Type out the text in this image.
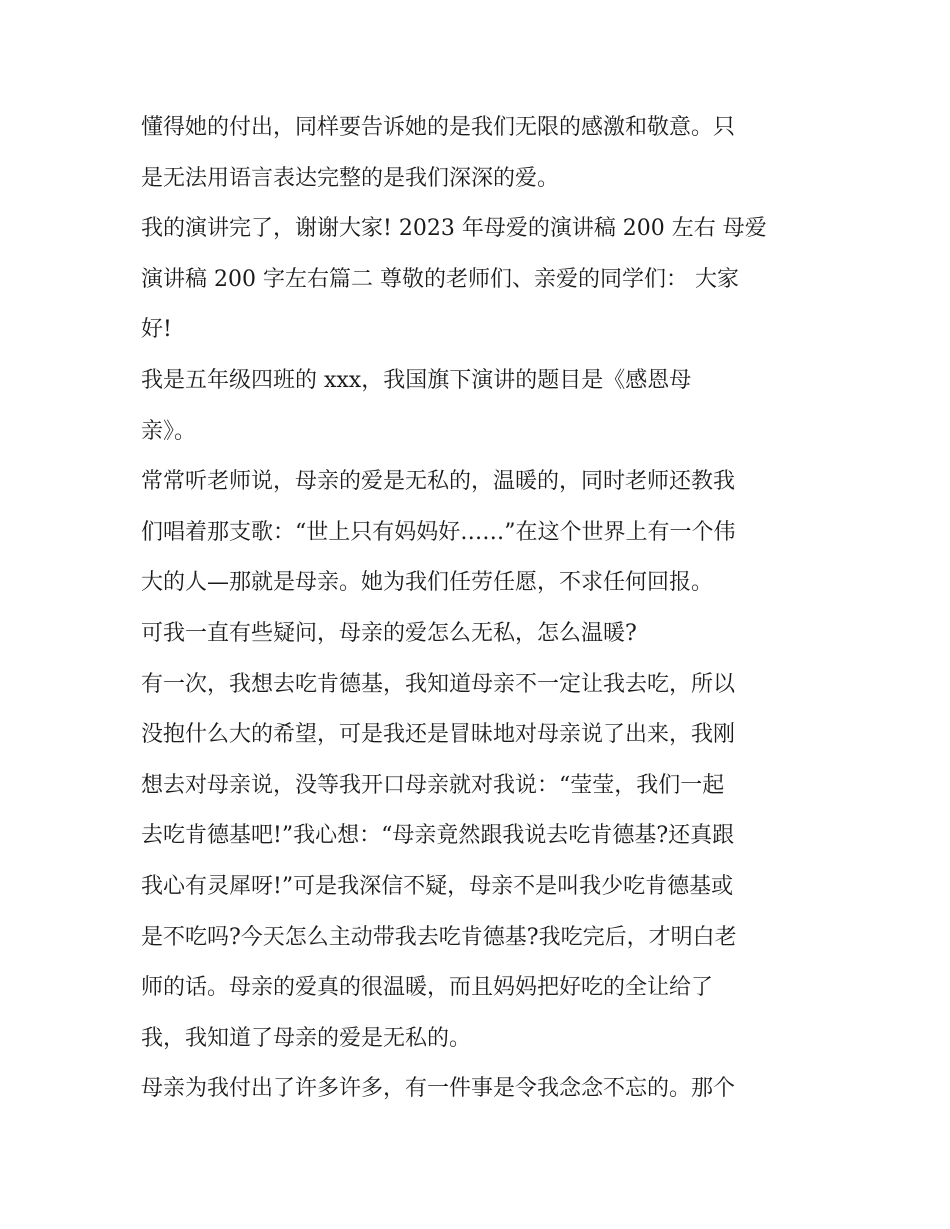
懂得她的付出，同样要告诉她的是我们无限的感激和敬意。只
是无法用语言表达完整的是我们深深的爱。
我的演讲完了，谢谢大家! 2023 年母爱的演讲稿 200 左右 母爱
演讲稿 200 字左右篇二 尊敬的老师们、亲爱的同学们： 大家
好!
我是五年级四班的 xxx，我国旗下演讲的题目是《感恩母
亲》。
常常听老师说，母亲的爱是无私的，温暖的，同时老师还教我
们唱着那支歌：“世上只有妈妈好……”在这个世界上有一个伟
大的人—那就是母亲。她为我们任劳任愿，不求任何回报。
可我一直有些疑问，母亲的爱怎么无私，怎么温暖?
有一次，我想去吃肯德基，我知道母亲不一定让我去吃，所以
没抱什么大的希望，可是我还是冒昧地对母亲说了出来，我刚
想去对母亲说，没等我开口母亲就对我说：“莹莹，我们一起
去吃肯德基吧!”我心想：“母亲竟然跟我说去吃肯德基?还真跟
我心有灵犀呀!”可是我深信不疑，母亲不是叫我少吃肯德基或
是不吃吗?今天怎么主动带我去吃肯德基?我吃完后，才明白老
师的话。母亲的爱真的很温暖，而且妈妈把好吃的全让给了
我，我知道了母亲的爱是无私的。
母亲为我付出了许多许多，有一件事是令我念念不忘的。那个
